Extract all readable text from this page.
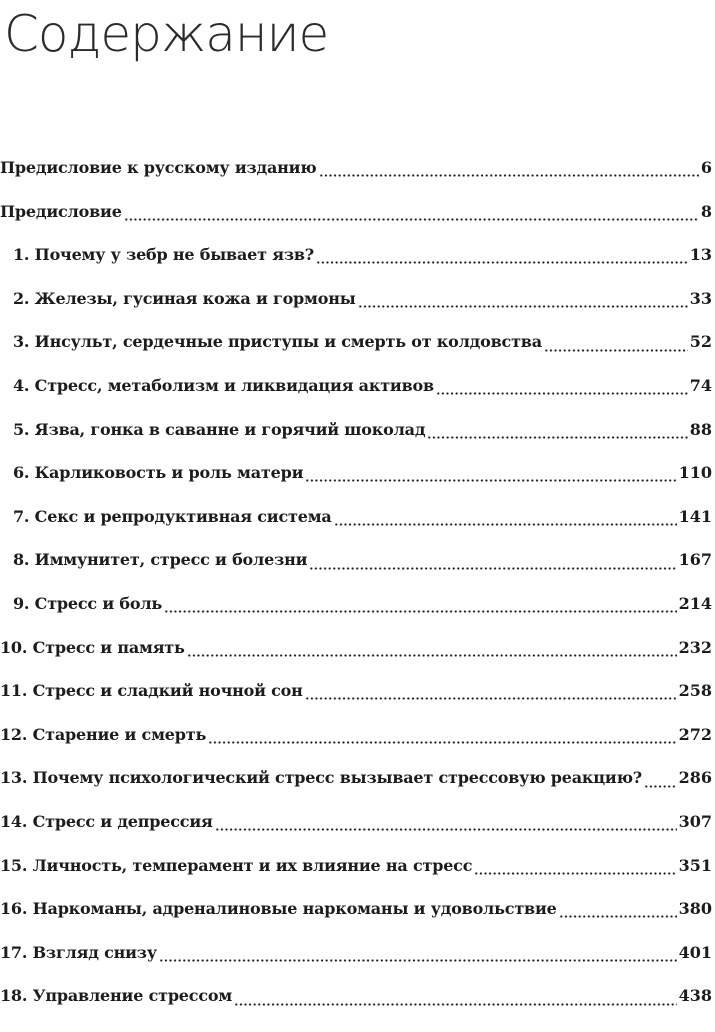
Содержание
Предисловие к русскому изданию	6
Предисловие	8
1. Почему у зебр не бывает язв?	13
2. Железы, гусиная кожа и гормоны	33
3. Инсульт, сердечные приступы и смерть от колдовства	52
4. Стресс, метаболизм и ликвидация активов	74
5. Язва, гонка в саванне и горячий шоколад	88
6. Карликовость и роль матери	110
7. Секс и репродуктивная система	141
8. Иммунитет, стресс и болезни	167
9. Стресс и боль	214
10. Стресс и память	232
11. Стресс и сладкий ночной сон	258
12. Старение и смерть	272
13. Почему психологический стресс вызывает стрессовую реакцию? 286
14. Стресс и депрессия	307
15. Личность, темперамент и их влияние на стресс	351
16. Наркоманы, адреналиновые наркоманы и удовольствие	380
17. Взгляд снизу	401
18. Управление стрессом	438
